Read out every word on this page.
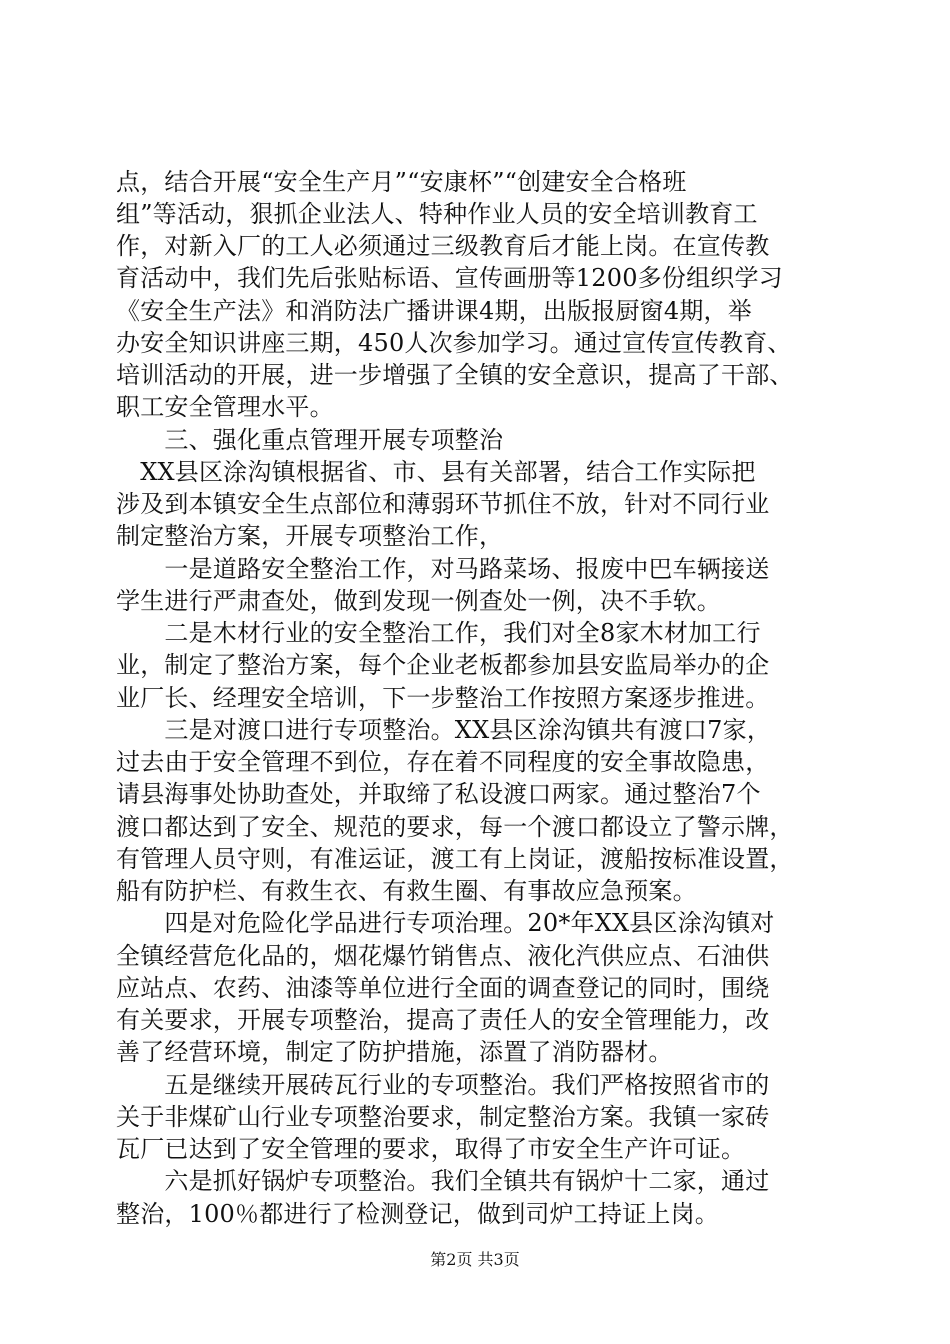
点，结合开展“安全生产月”“安康杯”“创建安全合格班
组”等活动，狠抓企业法人、特种作业人员的安全培训教育工
作，对新入厂的工人必须通过三级教育后才能上岗。在宣传教
育活动中，我们先后张贴标语、宣传画册等1200多份组织学习
《安全生产法》和消防法广播讲课4期，出版报厨窗4期，举
办安全知识讲座三期，450人次参加学习。通过宣传宣传教育、
培训活动的开展，进一步增强了全镇的安全意识，提高了干部、
职工安全管理水平。
　　三、强化重点管理开展专项整治
　XX县区涂沟镇根据省、市、县有关部署，结合工作实际把
涉及到本镇安全生点部位和薄弱环节抓住不放，针对不同行业
制定整治方案，开展专项整治工作，
　　一是道路安全整治工作，对马路菜场、报废中巴车辆接送
学生进行严肃查处，做到发现一例查处一例，决不手软。
　　二是木材行业的安全整治工作，我们对全8家木材加工行
业，制定了整治方案，每个企业老板都参加县安监局举办的企
业厂长、经理安全培训，下一步整治工作按照方案逐步推进。
　　三是对渡口进行专项整治。XX县区涂沟镇共有渡口7家，
过去由于安全管理不到位，存在着不同程度的安全事故隐患，
请县海事处协助查处，并取缔了私设渡口两家。通过整治7个
渡口都达到了安全、规范的要求，每一个渡口都设立了警示牌，
有管理人员守则，有准运证，渡工有上岗证，渡船按标准设置，
船有防护栏、有救生衣、有救生圈、有事故应急预案。
　　四是对危险化学品进行专项治理。20*年XX县区涂沟镇对
全镇经营危化品的，烟花爆竹销售点、液化汽供应点、石油供
应站点、农药、油漆等单位进行全面的调查登记的同时，围绕
有关要求，开展专项整治，提高了责任人的安全管理能力，改
善了经营环境，制定了防护措施，添置了消防器材。
　　五是继续开展砖瓦行业的专项整治。我们严格按照省市的
关于非煤矿山行业专项整治要求，制定整治方案。我镇一家砖
瓦厂已达到了安全管理的要求，取得了市安全生产许可证。
　　六是抓好锅炉专项整治。我们全镇共有锅炉十二家，通过
整治，100％都进行了检测登记，做到司炉工持证上岗。
第2页 共3页
